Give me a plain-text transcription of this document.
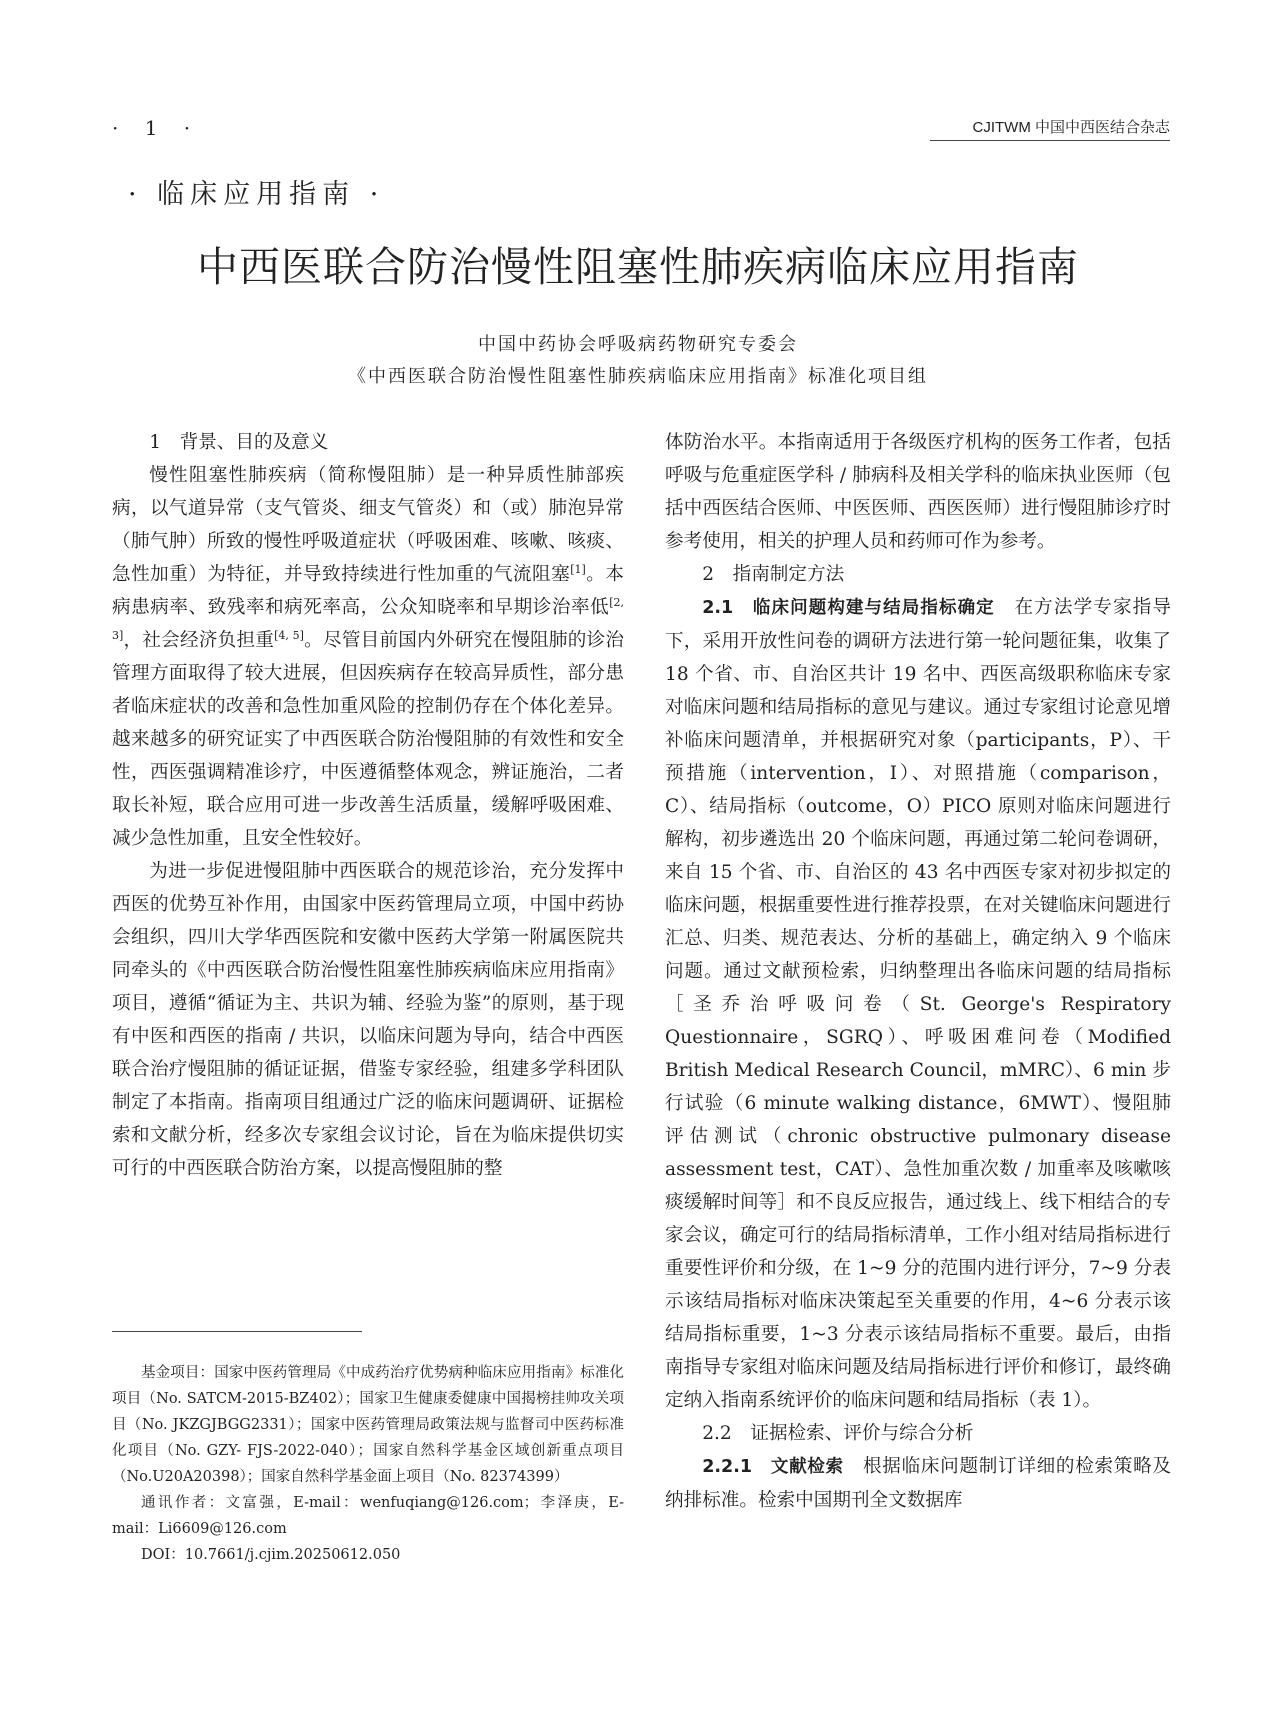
· 1 ·	CJITWM 中国中西医结合杂志
· 临床应用指南 ·
中西医联合防治慢性阻塞性肺疾病临床应用指南
中国中药协会呼吸病药物研究专委会
《中西医联合防治慢性阻塞性肺疾病临床应用指南》标准化项目组

1　背景、目的及意义

慢性阻塞性肺疾病（简称慢阻肺）是一种异质性肺部疾病，以气道异常（支气管炎、细支气管炎）和（或）肺泡异常（肺气肿）所致的慢性呼吸道症状（呼吸困难、咳嗽、咳痰、急性加重）为特征，并导致持续进行性加重的气流阻塞[1]。本病患病率、致残率和病死率高，公众知晓率和早期诊治率低[2, 3]，社会经济负担重[4, 5]。尽管目前国内外研究在慢阻肺的诊治管理方面取得了较大进展，但因疾病存在较高异质性，部分患者临床症状的改善和急性加重风险的控制仍存在个体化差异。越来越多的研究证实了中西医联合防治慢阻肺的有效性和安全性，西医强调精准诊疗，中医遵循整体观念，辨证施治，二者取长补短，联合应用可进一步改善生活质量，缓解呼吸困难、减少急性加重，且安全性较好。

为进一步促进慢阻肺中西医联合的规范诊治，充分发挥中西医的优势互补作用，由国家中医药管理局立项，中国中药协会组织，四川大学华西医院和安徽中医药大学第一附属医院共同牵头的《中西医联合防治慢性阻塞性肺疾病临床应用指南》项目，遵循“循证为主、共识为辅、经验为鉴”的原则，基于现有中医和西医的指南 / 共识，以临床问题为导向，结合中西医联合治疗慢阻肺的循证证据，借鉴专家经验，组建多学科团队制定了本指南。指南项目组通过广泛的临床问题调研、证据检索和文献分析，经多次专家组会议讨论，旨在为临床提供切实可行的中西医联合防治方案，以提高慢阻肺的整

体防治水平。本指南适用于各级医疗机构的医务工作者，包括呼吸与危重症医学科 / 肺病科及相关学科的临床执业医师（包括中西医结合医师、中医医师、西医医师）进行慢阻肺诊疗时参考使用，相关的护理人员和药师可作为参考。

2　指南制定方法

2.1　临床问题构建与结局指标确定　 在方法学专家指导下，采用开放性问卷的调研方法进行第一轮问题征集，收集了 18 个省、市、自治区共计 19 名中、西医高级职称临床专家对临床问题和结局指标的意见与建议。通过专家组讨论意见增补临床问题清单，并根据研究对象（participants，P）、干预措施（intervention，I）、对照措施（comparison，C）、结局指标（outcome，O）PICO 原则对临床问题进行解构，初步遴选出 20 个临床问题，再通过第二轮问卷调研，来自 15 个省、市、自治区的 43 名中西医专家对初步拟定的临床问题，根据重要性进行推荐投票，在对关键临床问题进行汇总、归类、规范表达、分析的基础上，确定纳入 9 个临床问题。通过文献预检索，归纳整理出各临床问题的结局指标［圣乔治呼吸问卷（St. George's Respiratory Questionnaire，SGRQ）、呼吸困难问卷（Modified British Medical Research Council，mMRC）、6 min 步行试验（6 minute walking distance，6MWT）、慢阻肺评估测试（chronic obstructive pulmonary disease assessment test，CAT）、急性加重次数 / 加重率及咳嗽咳痰缓解时间等］和不良反应报告，通过线上、线下相结合的专家会议，确定可行的结局指标清单，工作小组对结局指标进行重要性评价和分级，在 1~9 分的范围内进行评分，7~9 分表示该结局指标对临床决策起至关重要的作用，4~6 分表示该结局指标重要，1~3 分表示该结局指标不重要。最后，由指南指导专家组对临床问题及结局指标进行评价和修订，最终确定纳入指南系统评价的临床问题和结局指标（表 1）。

2.2　证据检索、评价与综合分析

2.2.1　文献检索　 根据临床问题制订详细的检索策略及纳排标准。检索中国期刊全文数据库

基金项目：国家中医药管理局《中成药治疗优势病种临床应用指南》标准化项目（No. SATCM-2015-BZ402）；国家卫生健康委健康中国揭榜挂帅攻关项目（No. JKZGJBGG2331）；国家中医药管理局政策法规与监督司中医药标准化项目（No. GZY- FJS-2022-040）；国家自然科学基金区域创新重点项目（No.U20A20398）；国家自然科学基金面上项目（No. 82374399）

通讯作者：文富强，E-mail：wenfuqiang@126.com；李泽庚，E-mail：Li6609@126.com

DOI：10.7661/j.cjim.20250612.050
